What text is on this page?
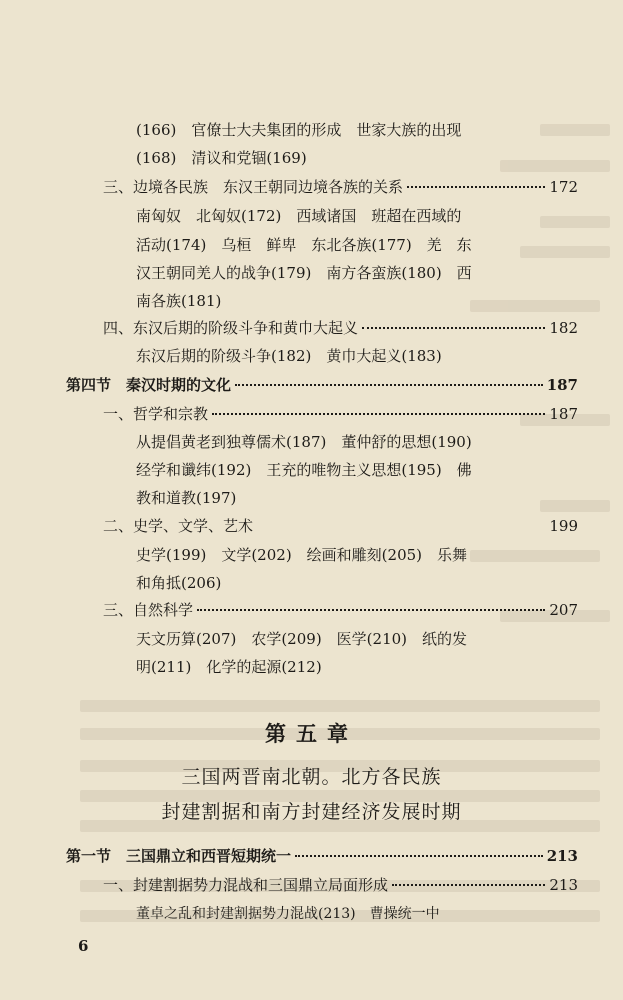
(166)　官僚士大夫集团的形成　世家大族的出现
(168)　清议和党锢(169)
三、边境各民族　东汉王朝同边境各族的关系	172
南匈奴　北匈奴(172)　西域诸国　班超在西域的
活动(174)　乌桓　鲜卑　东北各族(177)　羌　东
汉王朝同羌人的战争(179)　南方各蛮族(180)　西
南各族(181)
四、东汉后期的阶级斗争和黄巾大起义	182
东汉后期的阶级斗争(182)　黄巾大起义(183)
第四节　秦汉时期的文化	187
一、哲学和宗教	187
从提倡黄老到独尊儒术(187)　董仲舒的思想(190)
经学和谶纬(192)　王充的唯物主义思想(195)　佛
教和道教(197)
二、史学、文学、艺术	199
史学(199)　文学(202)　绘画和雕刻(205)　乐舞
和角抵(206)
三、自然科学	207
天文历算(207)　农学(209)　医学(210)　纸的发
明(211)　化学的起源(212)
第五章
三国两晋南北朝。北方各民族
封建割据和南方封建经济发展时期
第一节　三国鼎立和西晋短期统一	213
一、封建割据势力混战和三国鼎立局面形成	213
董卓之乱和封建割据势力混战(213)　曹操统一中
6
